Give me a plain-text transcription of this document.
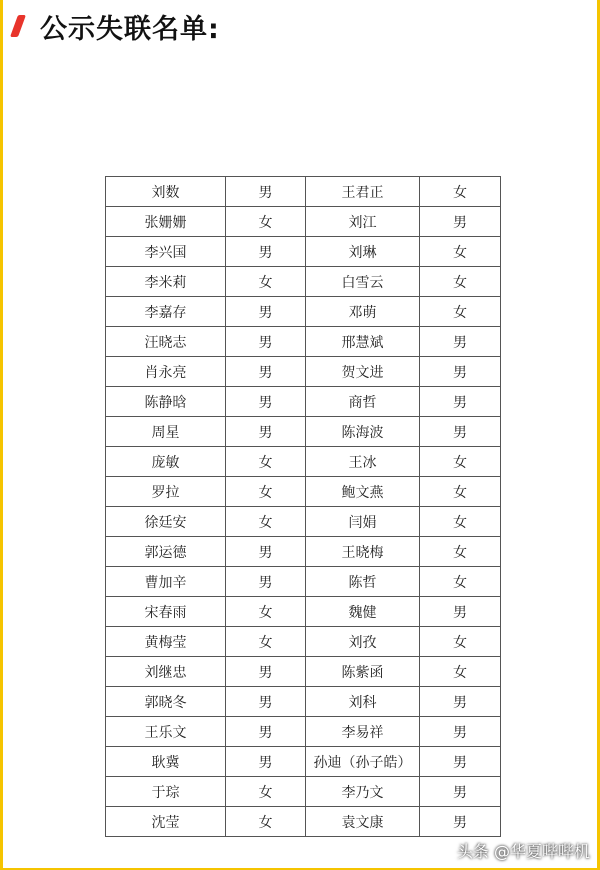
公示失联名单:
刘数	男	王君正	女
张姗姗	女	刘江	男
李兴国	男	刘琳	女
李米莉	女	白雪云	女
李嘉存	男	邓萌	女
汪晓志	男	邢慧斌	男
肖永亮	男	贺文进	男
陈静晗	男	商哲	男
周星	男	陈海波	男
庞敏	女	王冰	女
罗拉	女	鲍文燕	女
徐廷安	女	闫娟	女
郭运德	男	王晓梅	女
曹加辛	男	陈哲	女
宋春雨	女	魏健	男
黄梅莹	女	刘孜	女
刘继忠	男	陈紫函	女
郭晓冬	男	刘科	男
王乐文	男	李易祥	男
耿冀	男	孙迪（孙子皓）	男
于琮	女	李乃文	男
沈莹	女	袁文康	男
头条 @华夏哔哔机
